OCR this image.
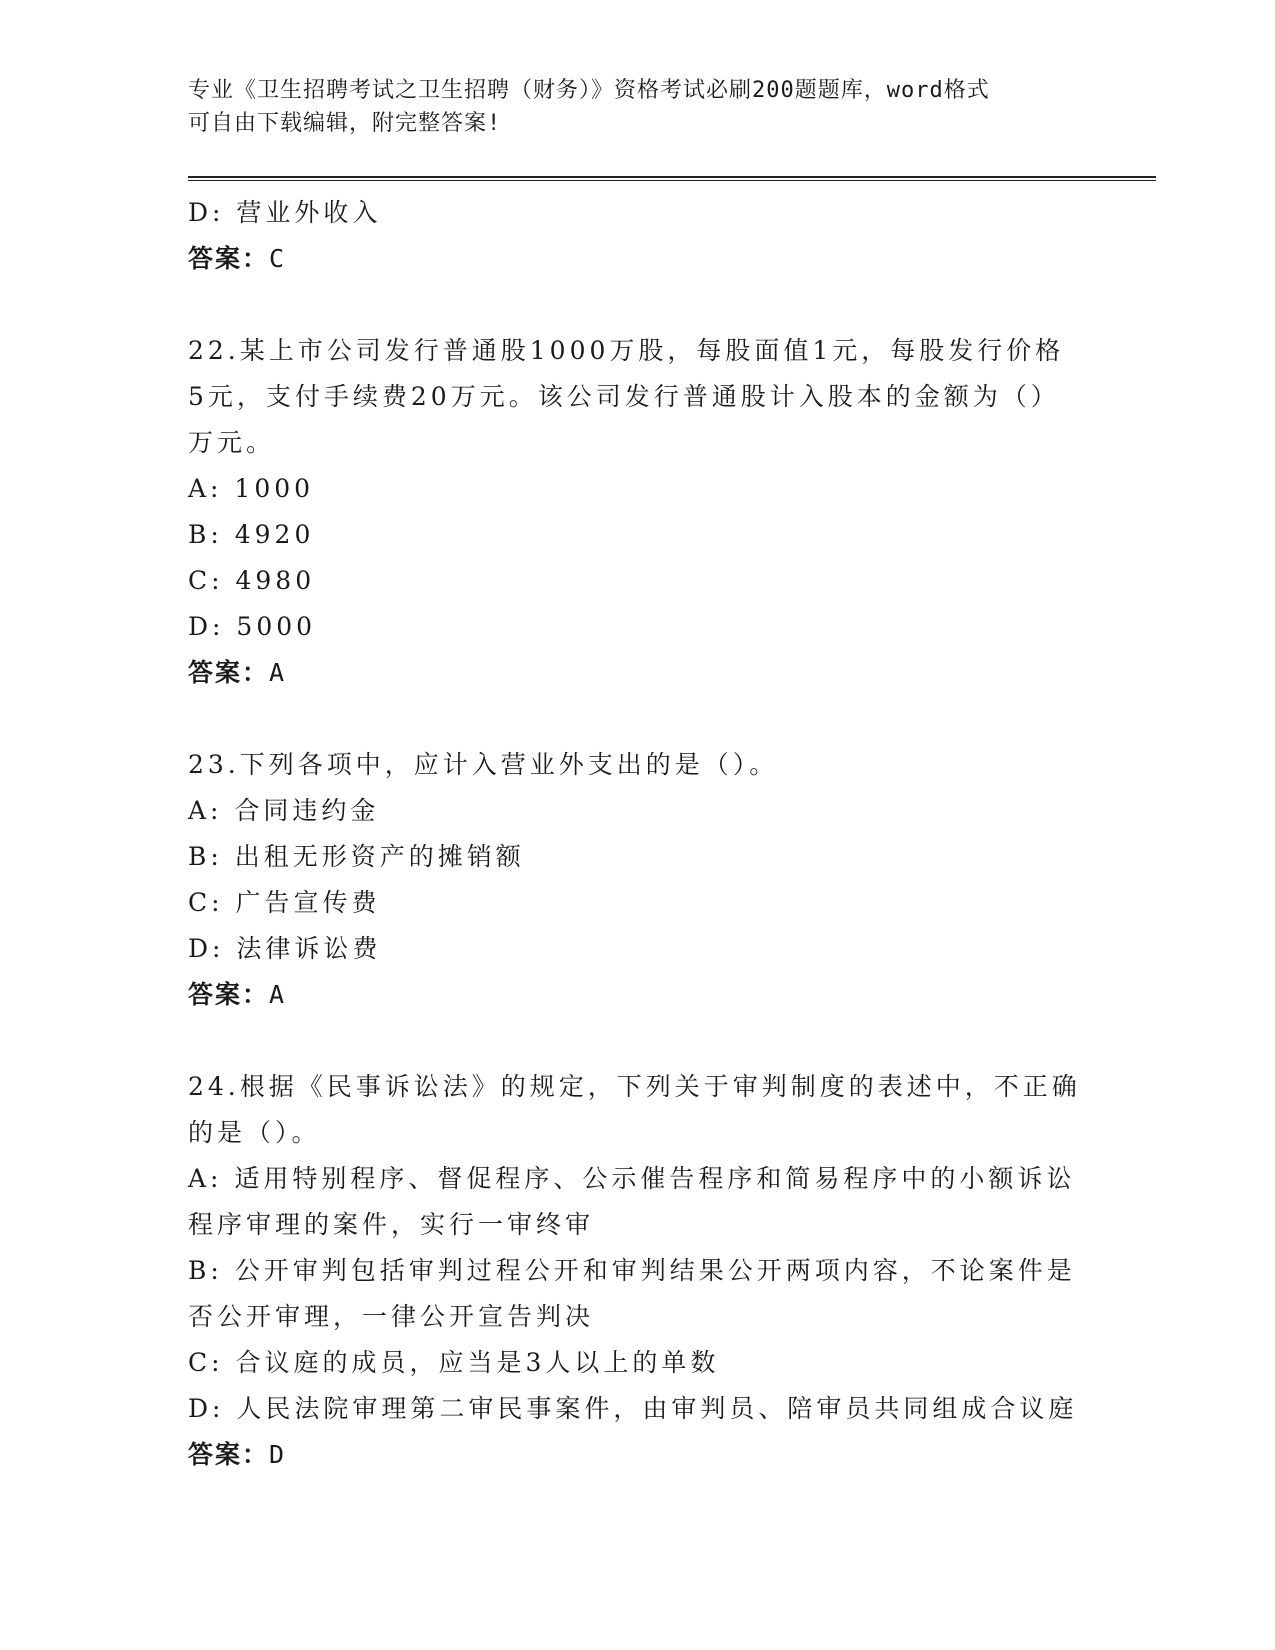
专业《卫生招聘考试之卫生招聘（财务）》资格考试必刷200题题库，word格式
可自由下载编辑，附完整答案!
D: 营业外收入
答案：C
22.某上市公司发行普通股1000万股，每股面值1元，每股发行价格
5元，支付手续费20万元。该公司发行普通股计入股本的金额为（）
万元。
A: 1000
B: 4920
C: 4980
D: 5000
答案：A
23.下列各项中，应计入营业外支出的是（）。
A: 合同违约金
B: 出租无形资产的摊销额
C: 广告宣传费
D: 法律诉讼费
答案：A
24.根据《民事诉讼法》的规定，下列关于审判制度的表述中，不正确
的是（）。
A: 适用特别程序、督促程序、公示催告程序和简易程序中的小额诉讼
程序审理的案件，实行一审终审
B: 公开审判包括审判过程公开和审判结果公开两项内容，不论案件是
否公开审理，一律公开宣告判决
C: 合议庭的成员，应当是3人以上的单数
D: 人民法院审理第二审民事案件，由审判员、陪审员共同组成合议庭
答案：D
